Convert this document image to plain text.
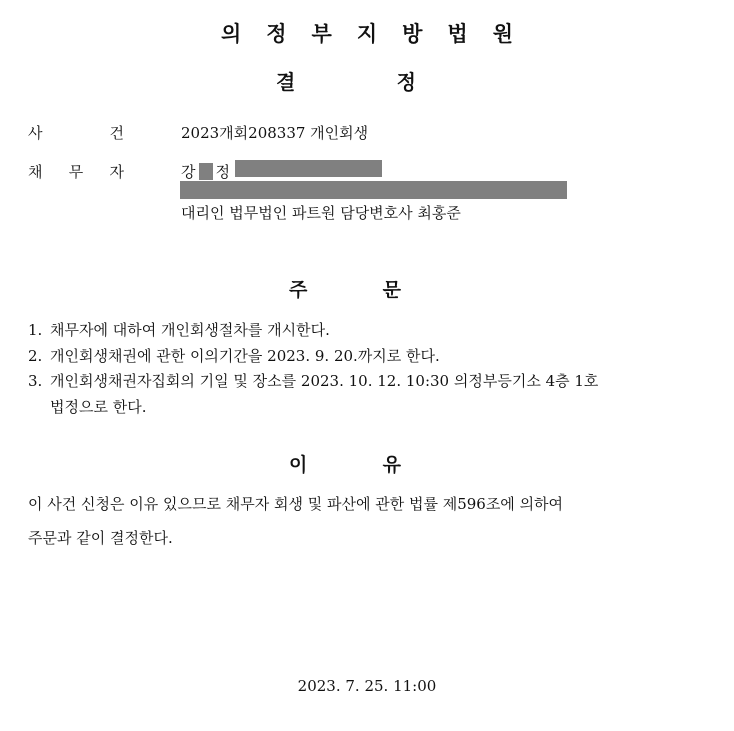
의정부지방법원
결	정
사	건	2023개회208337 개인회생
채 무 자	강 정
대리인 법무법인 파트원 담당변호사 최홍준
주	문
1. 채무자에 대하여 개인회생절차를 개시한다.
2. 개인회생채권에 관한 이의기간을 2023. 9. 20.까지로 한다.
3. 개인회생채권자집회의 기일 및 장소를 2023. 10. 12. 10:30 의정부등기소 4층 1호
법정으로 한다.
이	유
이 사건 신청은 이유 있으므로 채무자 회생 및 파산에 관한 법률 제596조에 의하여
주문과 같이 결정한다.
2023. 7. 25. 11:00
